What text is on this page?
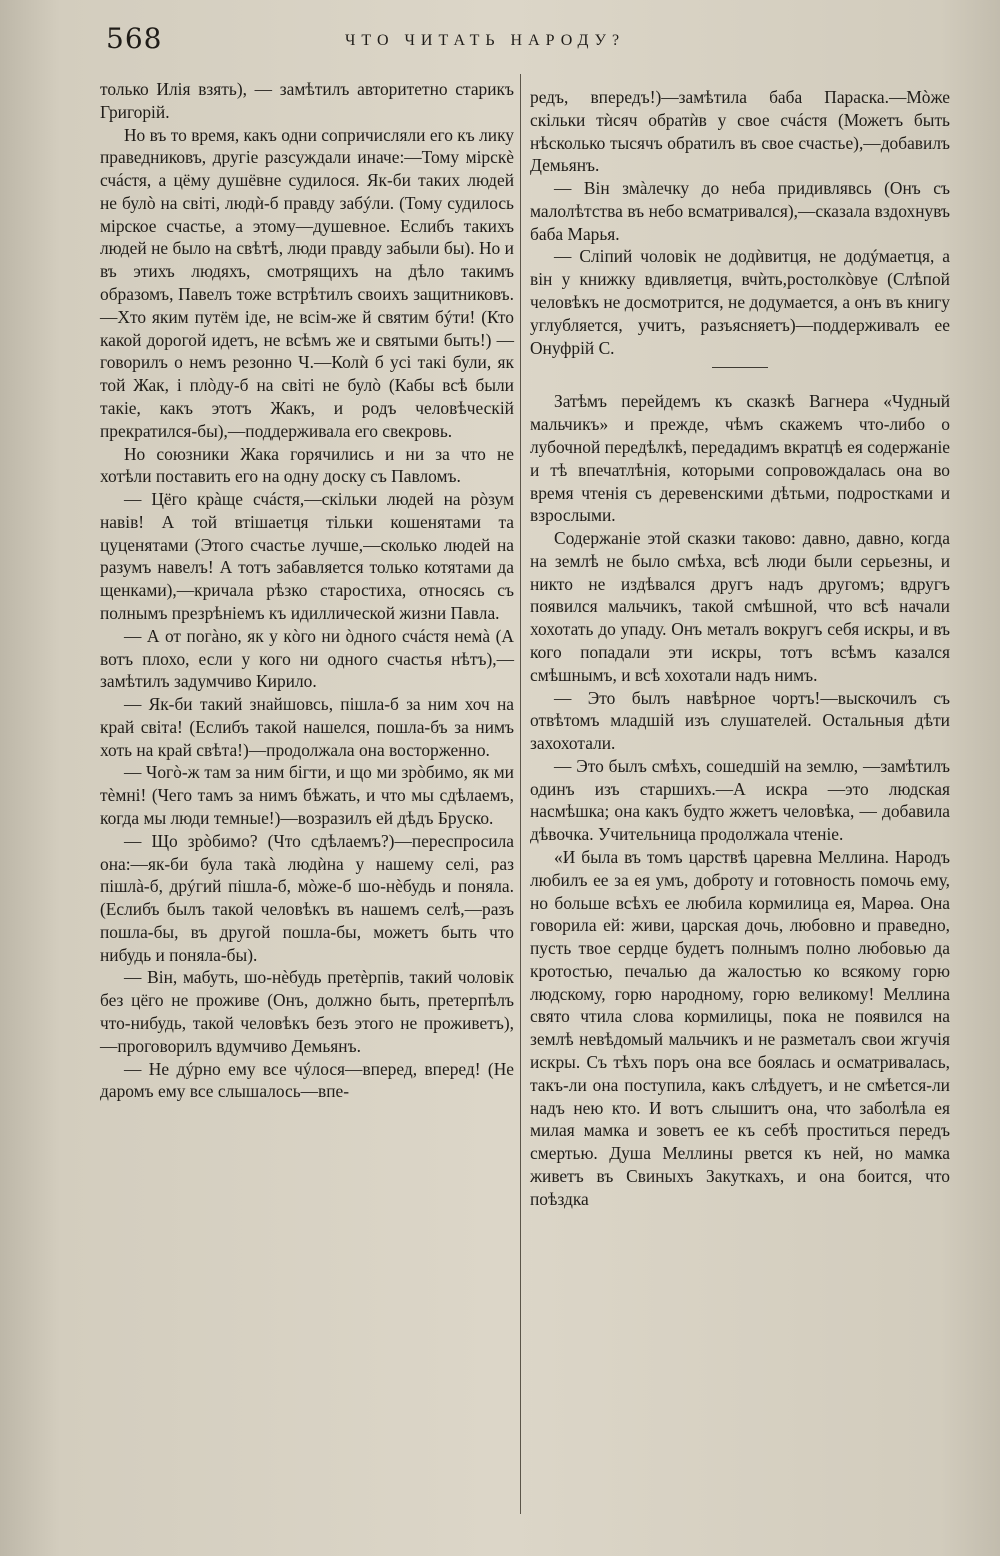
568	ЧТО ЧИТАТЬ НАРОДУ?

только Илія взять), — замѣтилъ авторитетно старикъ Григорій.

Но въ то время, какъ одни сопричисляли его къ лику праведниковъ, другіе разсуждали иначе:—Тому мірскѐ счáстя, а цёму душёвне судилося. Як-би таких людей не булò на світі, людѝ-б правду забýли. (Тому судилось мірское счастье, а этому—душевное. Еслибъ такихъ людей не было на свѣтѣ, люди правду забыли бы). Но и въ этихъ людяхъ, смотрящихъ на дѣло такимъ образомъ, Павелъ тоже встрѣтилъ своихъ защитниковъ.—Хто яким путём іде, не всім-же й святим бýти! (Кто какой дорогой идетъ, не всѣмъ же и святыми быть!) — говорилъ о немъ резонно Ч.—Колѝ б усі такі були, як той Жак, і плòду-б на світі не булò (Кабы всѣ были такіе, какъ этотъ Жакъ, и родъ человѣческій прекратился-бы),—поддерживала его свекровь.

Но союзники Жака горячились и ни за что не хотѣли поставить его на одну доску съ Павломъ.

— Цёго крàще счáстя,—скільки людей на рòзум навів! А той втішаетця тільки кошенятами та цуценятами (Этого счастье лучше,—сколько людей на разумъ навелъ! А тотъ забавляется только котятами да щенками),—кричала рѣзко старостиха, относясь съ полнымъ презрѣніемъ къ идиллической жизни Павла.

— А от погàно, як у кòго ни òдного счáстя немà (А вотъ плохо, если у кого ни одного счастья нѣтъ),—замѣтилъ задумчиво Кирило.

— Як-би такий знайшовсь, пішла-б за ним хоч на край світа! (Еслибъ такой нашелся, пошла-бъ за нимъ хоть на край свѣта!)—продолжала она восторженно.

— Чогò-ж там за ним бігти, и що ми зрòбимо, як ми тèмні! (Чего тамъ за нимъ бѣжать, и что мы сдѣлаемъ, когда мы люди темные!)—возразилъ ей дѣдъ Бруско.

— Що зрòбимо? (Что сдѣлаемъ?)—переспросила она:—як-би була такà людѝна у нашему селі, раз пішлà-б, дрýгий пішла-б, мòже-б шо-нèбудь и поняла. (Еслибъ былъ такой человѣкъ въ нашемъ селѣ,—разъ пошла-бы, въ другой пошла-бы, можетъ быть что нибудь и поняла-бы).

— Він, мабуть, шо-нèбудь претèрпів, такий чоловік без цёго не проживе (Онъ, должно быть, претерпѣлъ что-нибудь, такой человѣкъ безъ этого не проживетъ),—проговорилъ вдумчиво Демьянъ.

— Не дýрно ему все чýлося—вперед, вперед! (Не даромъ ему все слышалось—впе-

редъ, впередъ!)—замѣтила баба Параска.—Мòже скільки тѝсяч обратѝв у свое счáстя (Можетъ быть нѣсколько тысячъ обратилъ въ свое счастье),—добавилъ Демьянъ.

— Він змàлечку до неба придивлявсь (Онъ съ малолѣтства въ небо всматривался),—сказала вздохнувъ баба Марья.

— Сліпий чоловік не додѝвитця, не додýмаетця, а він у книжку вдивляетця, вчѝть,ростолкòвуе (Слѣпой человѣкъ не досмотрится, не додумается, а онъ въ книгу углубляется, учитъ, разъясняетъ)—поддерживалъ ее Онуфрій С.

Затѣмъ перейдемъ къ сказкѣ Вагнера «Чудный мальчикъ» и прежде, чѣмъ скажемъ что-либо о лубочной передѣлкѣ, передадимъ вкратцѣ ея содержаніе и тѣ впечатлѣнія, которыми сопровождалась она во время чтенія съ деревенскими дѣтьми, подростками и взрослыми.

Содержаніе этой сказки таково: давно, давно, когда на землѣ не было смѣха, всѣ люди были серьезны, и никто не издѣвался другъ надъ другомъ; вдругъ появился мальчикъ, такой смѣшной, что всѣ начали хохотать до упаду. Онъ металъ вокругъ себя искры, и въ кого попадали эти искры, тотъ всѣмъ казался смѣшнымъ, и всѣ хохотали надъ нимъ.

— Это былъ навѣрное чортъ!—выскочилъ съ отвѣтомъ младшій изъ слушателей. Остальныя дѣти захохотали.

— Это былъ смѣхъ, сошедшій на землю, —замѣтилъ одинъ изъ старшихъ.—А искра —это людская насмѣшка; она какъ будто жжетъ человѣка, — добавила дѣвочка. Учительница продолжала чтеніе.

«И была въ томъ царствѣ царевна Меллина. Народъ любилъ ее за ея умъ, доброту и готовность помочь ему, но больше всѣхъ ее любила кормилица ея, Марѳа. Она говорила ей: живи, царская дочь, любовно и праведно, пусть твое сердце будетъ полнымъ полно любовью да кротостью, печалью да жалостью ко всякому горю людскому, горю народному, горю великому! Меллина свято чтила слова кормилицы, пока не появился на землѣ невѣдомый мальчикъ и не разметалъ свои жгучія искры. Съ тѣхъ поръ она все боялась и осматривалась, такъ-ли она поступила, какъ слѣдуетъ, и не смѣется-ли надъ нею кто. И вотъ слышитъ она, что заболѣла ея милая мамка и зоветъ ее къ себѣ проститься передъ смертью. Душа Меллины рвется къ ней, но мамка живетъ въ Свиныхъ Закуткахъ, и она боится, что поѣздка
